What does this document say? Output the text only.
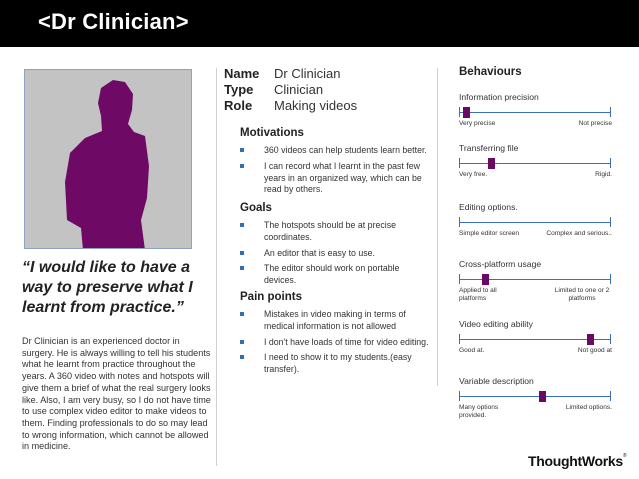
<Dr Clinician>
“I would like to have a way to preserve what I learnt from practice.”
Dr Clinician is an experienced doctor in surgery. He is always willing to tell his students what he learnt from practice throughout the years. A 360 video with notes and hotspots will give them a brief of what the real surgery looks like. Also, I am very busy, so I do not have time to use complex video editor to make videos to them. Finding professionals to do so may lead to wrong information, which cannot be allowed in medicine.
Name Dr Clinician
Type Clinician
Role Making videos
Motivations
360 videos can help students learn better.
I can record what I learnt in the past few years in an organized way, which can be read by others.
Goals
The hotspots should be at precise coordinates.
An editor that is easy to use.
The editor should work on portable devices.
Pain points
Mistakes in video making in terms of medical information is not allowed
I don't have loads of time for video editing.
I need to show it to my students.(easy transfer).
Behaviours
Information precision
Very precise	Not precise
Transferring file
Very free.	Rigid.
Editing options.
Simple editor screen	Complex and serious..
Cross-platform usage
Applied to all platforms
Limited to one or 2 platforms
Video editing ability
Good at.	Not good at
Variable description
Many options provided.
Limited options.
ThoughtWorks®
